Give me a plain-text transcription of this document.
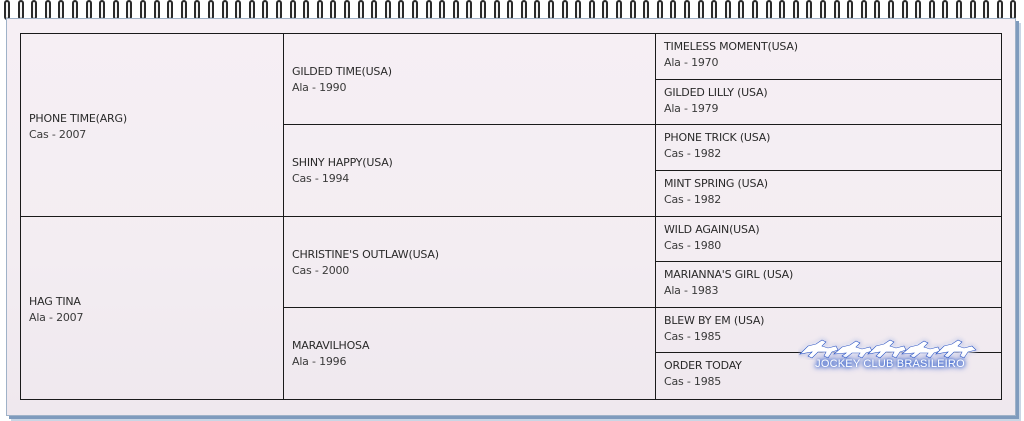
PHONE TIME(ARG)
Cas - 2007
HAG TINA
Ala - 2007
GILDED TIME(USA)
Ala - 1990
SHINY HAPPY(USA)
Cas - 1994
CHRISTINE'S OUTLAW(USA)
Cas - 2000
MARAVILHOSA
Ala - 1996
TIMELESS MOMENT(USA)
Ala - 1970
GILDED LILLY (USA)
Ala - 1979
PHONE TRICK (USA)
Cas - 1982
MINT SPRING (USA)
Cas - 1982
WILD AGAIN(USA)
Cas - 1980
MARIANNA'S GIRL (USA)
Ala - 1983
BLEW BY EM (USA)
Cas - 1985
ORDER TODAY
Cas - 1985
JOCKEY CLUB BRASILEIRO
